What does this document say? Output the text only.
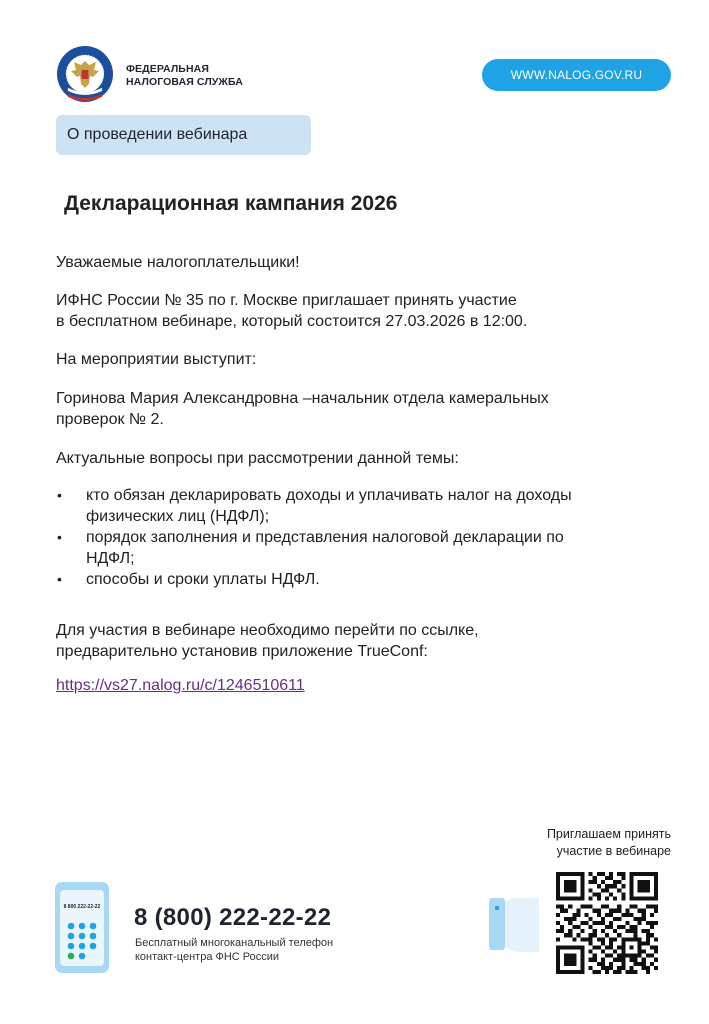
ФЕДЕРАЛЬНАЯ
НАЛОГОВАЯ СЛУЖБА	WWW.NALOG.GOV.RU
О проведении вебинара
Декларационная кампания 2026
Уважаемые налогоплательщики!
ИФНС России № 35 по г. Москве приглашает принять участие
в бесплатном вебинаре, который состоится 27.03.2026 в 12:00.
На мероприятии выступит:
Горинова Мария Александровна –начальник отдела камеральных
проверок № 2.
Актуальные вопросы при рассмотрении данной темы:
• кто обязан декларировать доходы и уплачивать налог на доходы
физических лиц (НДФЛ);
• порядок заполнения и представления налоговой декларации по
НДФЛ;
• способы и сроки уплаты НДФЛ.
Для участия в вебинаре необходимо перейти по ссылке,
предварительно установив приложение TrueConf:
https://vs27.nalog.ru/c/1246510611
Приглашаем принять
участие в вебинаре
8 800 222-22-22 8 (800) 222-22-22
Бесплатный многоканальный телефон
контакт-центра ФНС России
